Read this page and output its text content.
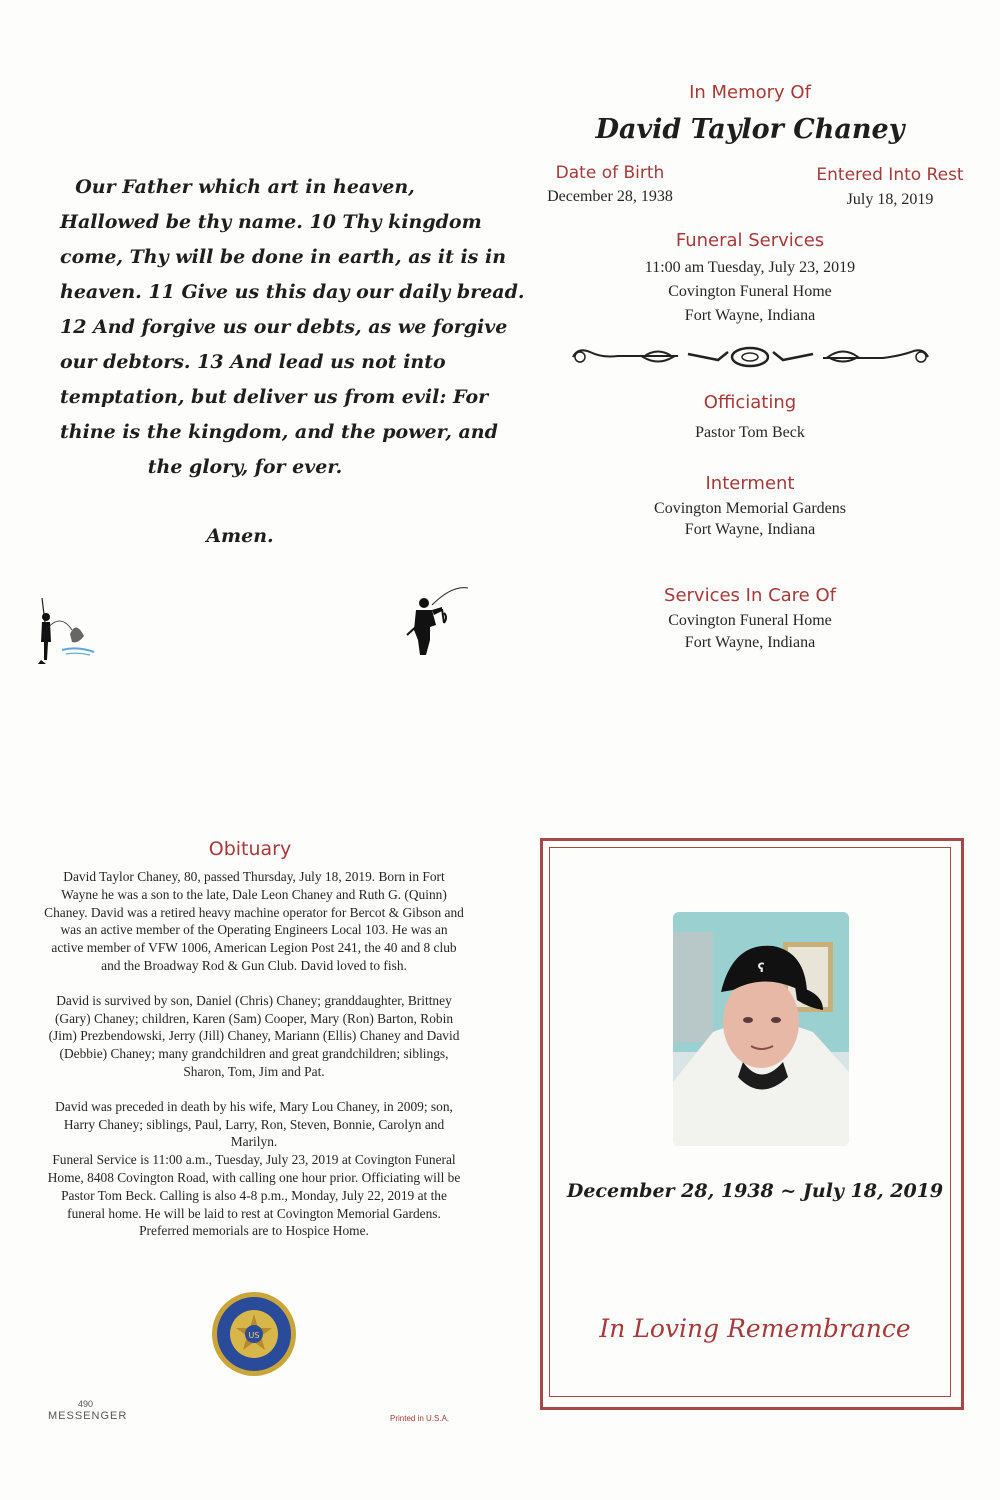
Our Father which art in heaven,
Hallowed be thy name. 10 Thy kingdom
come, Thy will be done in earth, as it is in
heaven. 11 Give us this day our daily bread.
12 And forgive us our debts, as we forgive
our debtors. 13 And lead us not into
temptation, but deliver us from evil: For
thine is the kingdom, and the power, and
the glory, for ever.
Amen.
In Memory Of
David Taylor Chaney
Date of Birth
December 28, 1938
Entered Into Rest
July 18, 2019
Funeral Services
11:00 am Tuesday, July 23, 2019
Covington Funeral Home
Fort Wayne, Indiana
Officiating
Pastor Tom Beck
Interment
Covington Memorial Gardens
Fort Wayne, Indiana
Services In Care Of
Covington Funeral Home
Fort Wayne, Indiana
Obituary

David Taylor Chaney, 80, passed Thursday, July 18, 2019. Born in Fort Wayne he was a son to the late, Dale Leon Chaney and Ruth G. (Quinn) Chaney. David was a retired heavy machine operator for Bercot & Gibson and was an active member of the Operating Engineers Local 103. He was an active member of VFW 1006, American Legion Post 241, the 40 and 8 club and the Broadway Rod & Gun Club. David loved to fish.

David is survived by son, Daniel (Chris) Chaney; granddaughter, Brittney (Gary) Chaney; children, Karen (Sam) Cooper, Mary (Ron) Barton, Robin (Jim) Prezbendowski, Jerry (Jill) Chaney, Mariann (Ellis) Chaney and David (Debbie) Chaney; many grandchildren and great grandchildren; siblings, Sharon, Tom, Jim and Pat.

David was preceded in death by his wife, Mary Lou Chaney, in 2009; son, Harry Chaney; siblings, Paul, Larry, Ron, Steven, Bonnie, Carolyn and Marilyn.

Funeral Service is 11:00 a.m., Tuesday, July 23, 2019 at Covington Funeral Home, 8408 Covington Road, with calling one hour prior. Officiating will be Pastor Tom Beck. Calling is also 4-8 p.m., Monday, July 22, 2019 at the funeral home. He will be laid to rest at Covington Memorial Gardens. Preferred memorials are to Hospice Home.

US
490
MESSENGER	Printed in U.S.A.
ʕ
December 28, 1938 ~ July 18, 2019
In Loving Remembrance
